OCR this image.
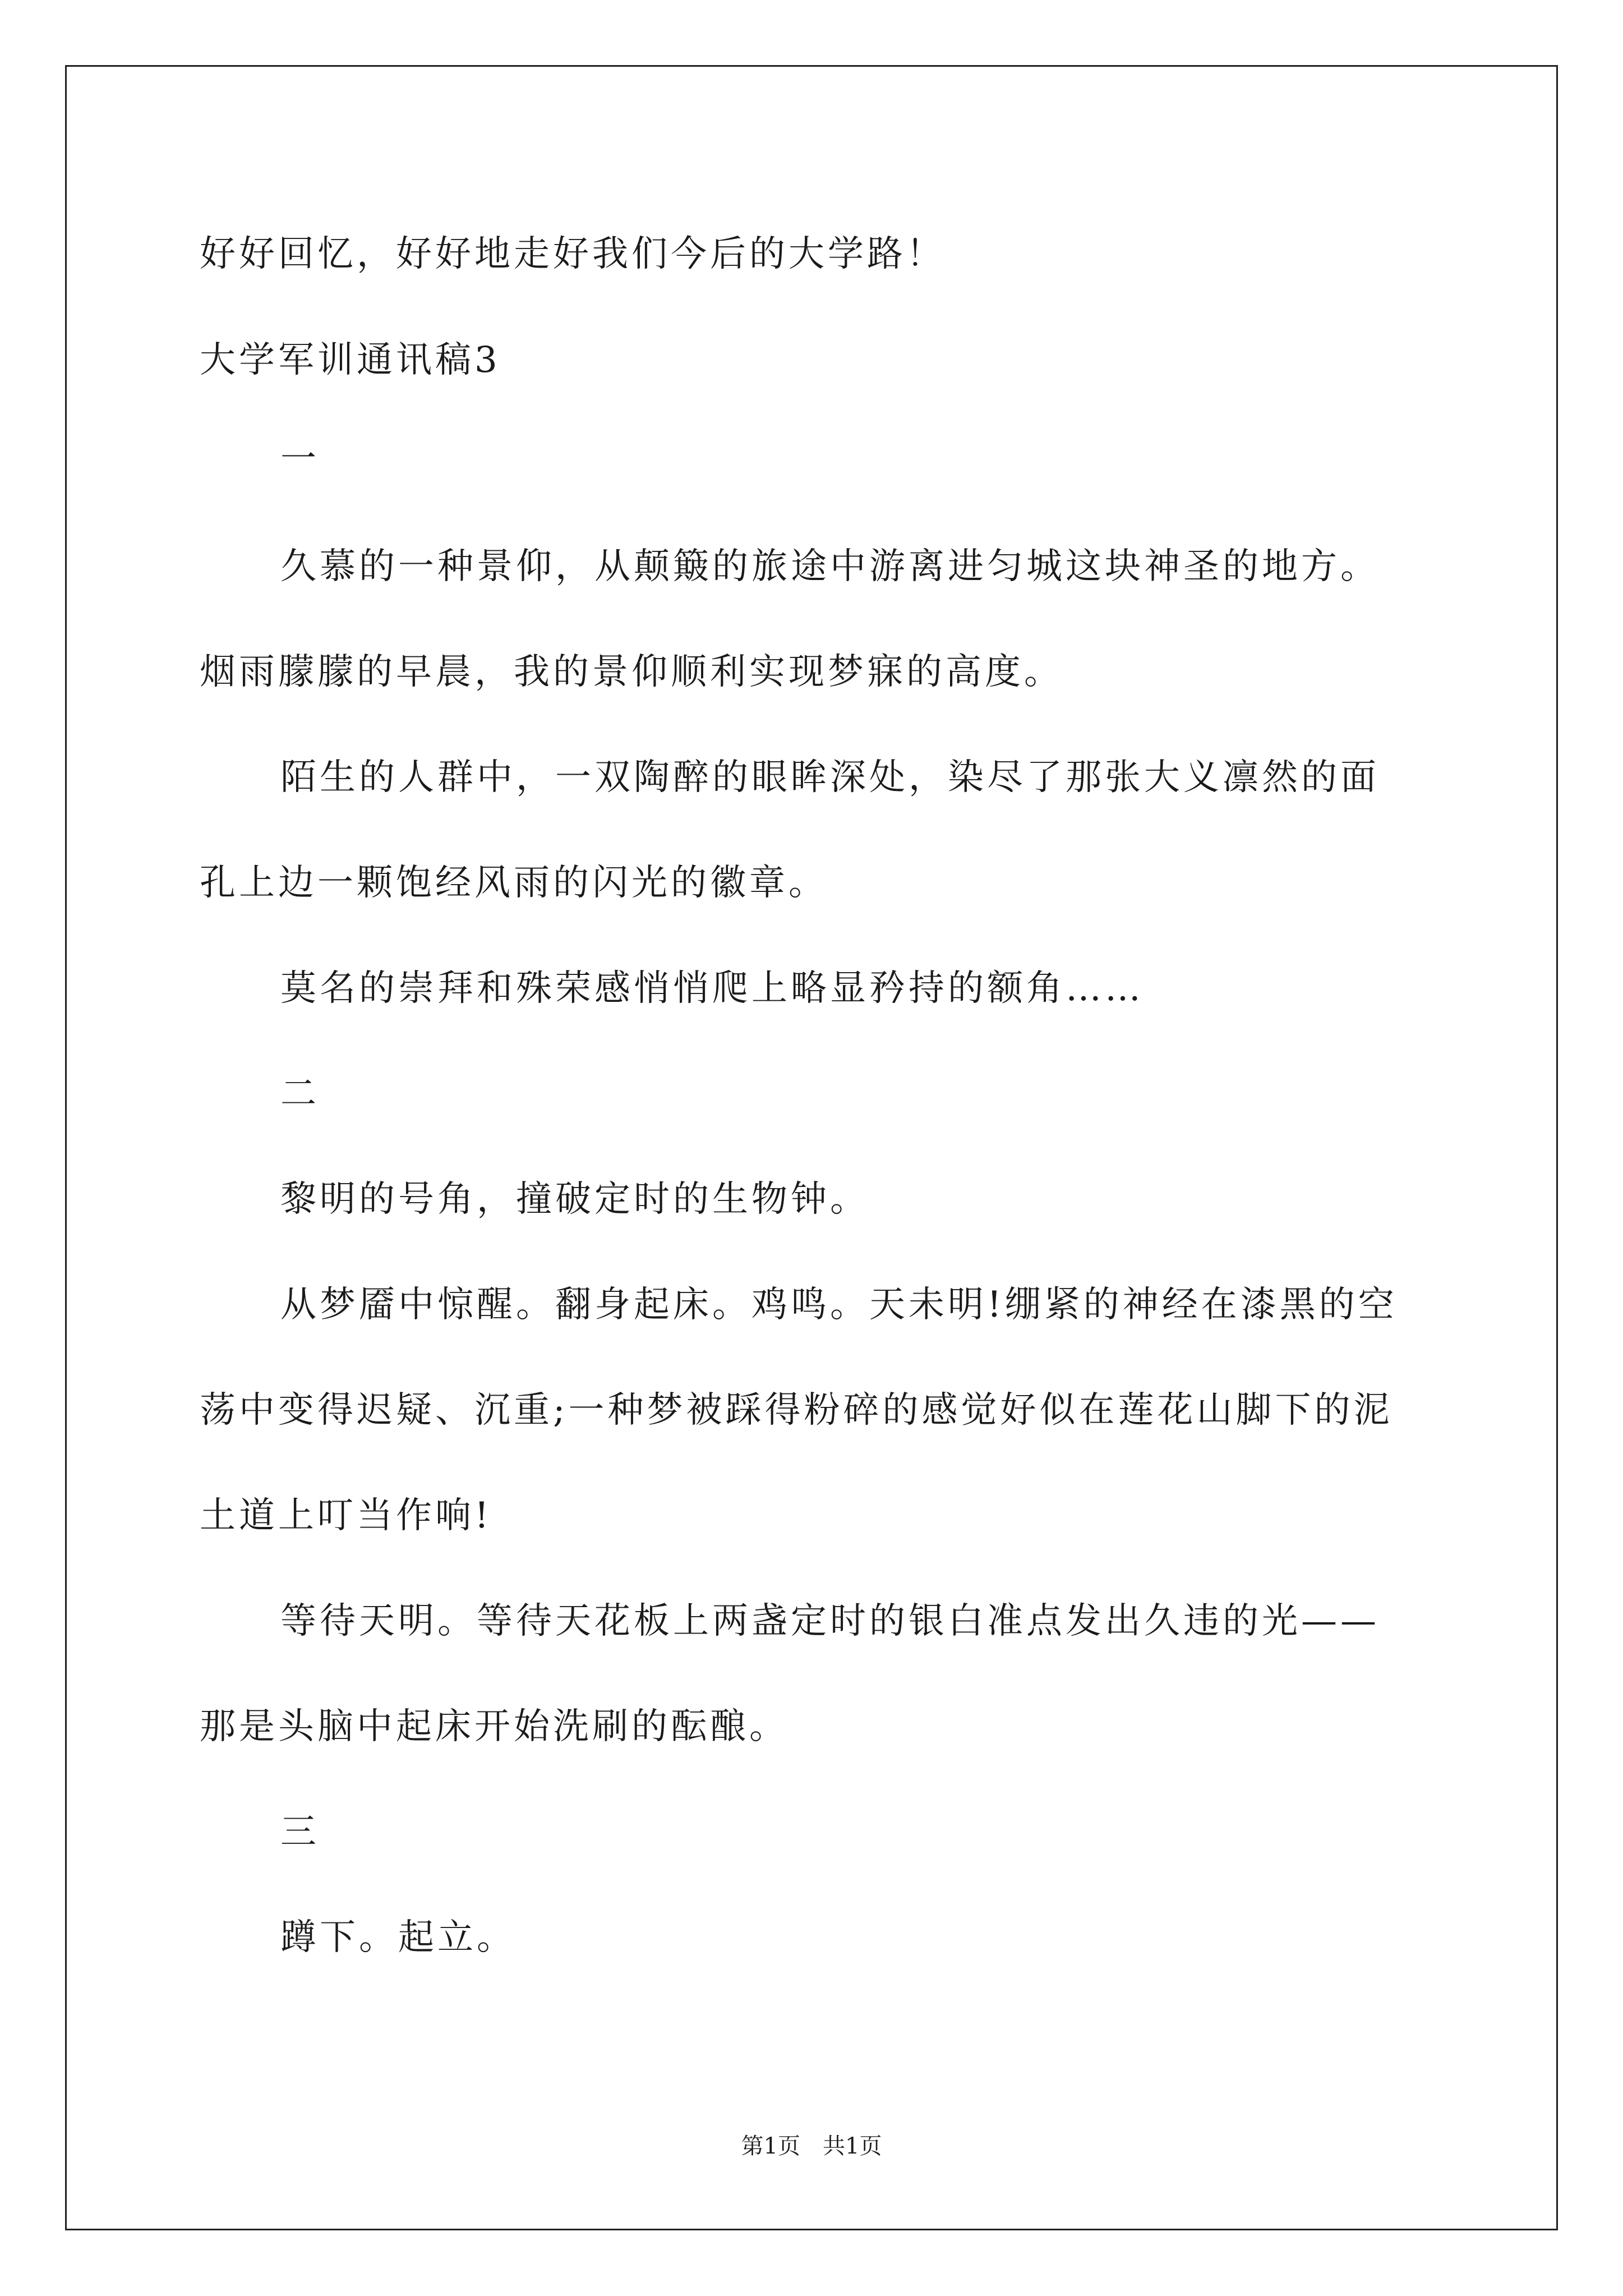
好好回忆，好好地走好我们今后的大学路！
大学军训通讯稿3
一
久慕的一种景仰，从颠簸的旅途中游离进匀城这块神圣的地方。
烟雨朦朦的早晨，我的景仰顺利实现梦寐的高度。
陌生的人群中，一双陶醉的眼眸深处，染尽了那张大义凛然的面
孔上边一颗饱经风雨的闪光的徽章。
莫名的崇拜和殊荣感悄悄爬上略显矜持的额角……
二
黎明的号角，撞破定时的生物钟。
从梦靥中惊醒。翻身起床。鸡鸣。天未明!绷紧的神经在漆黑的空
荡中变得迟疑、沉重;一种梦被踩得粉碎的感觉好似在莲花山脚下的泥
土道上叮当作响!
等待天明。等待天花板上两盏定时的银白准点发出久违的光——
那是头脑中起床开始洗刷的酝酿。
三
蹲下。起立。
第1页 共1页
